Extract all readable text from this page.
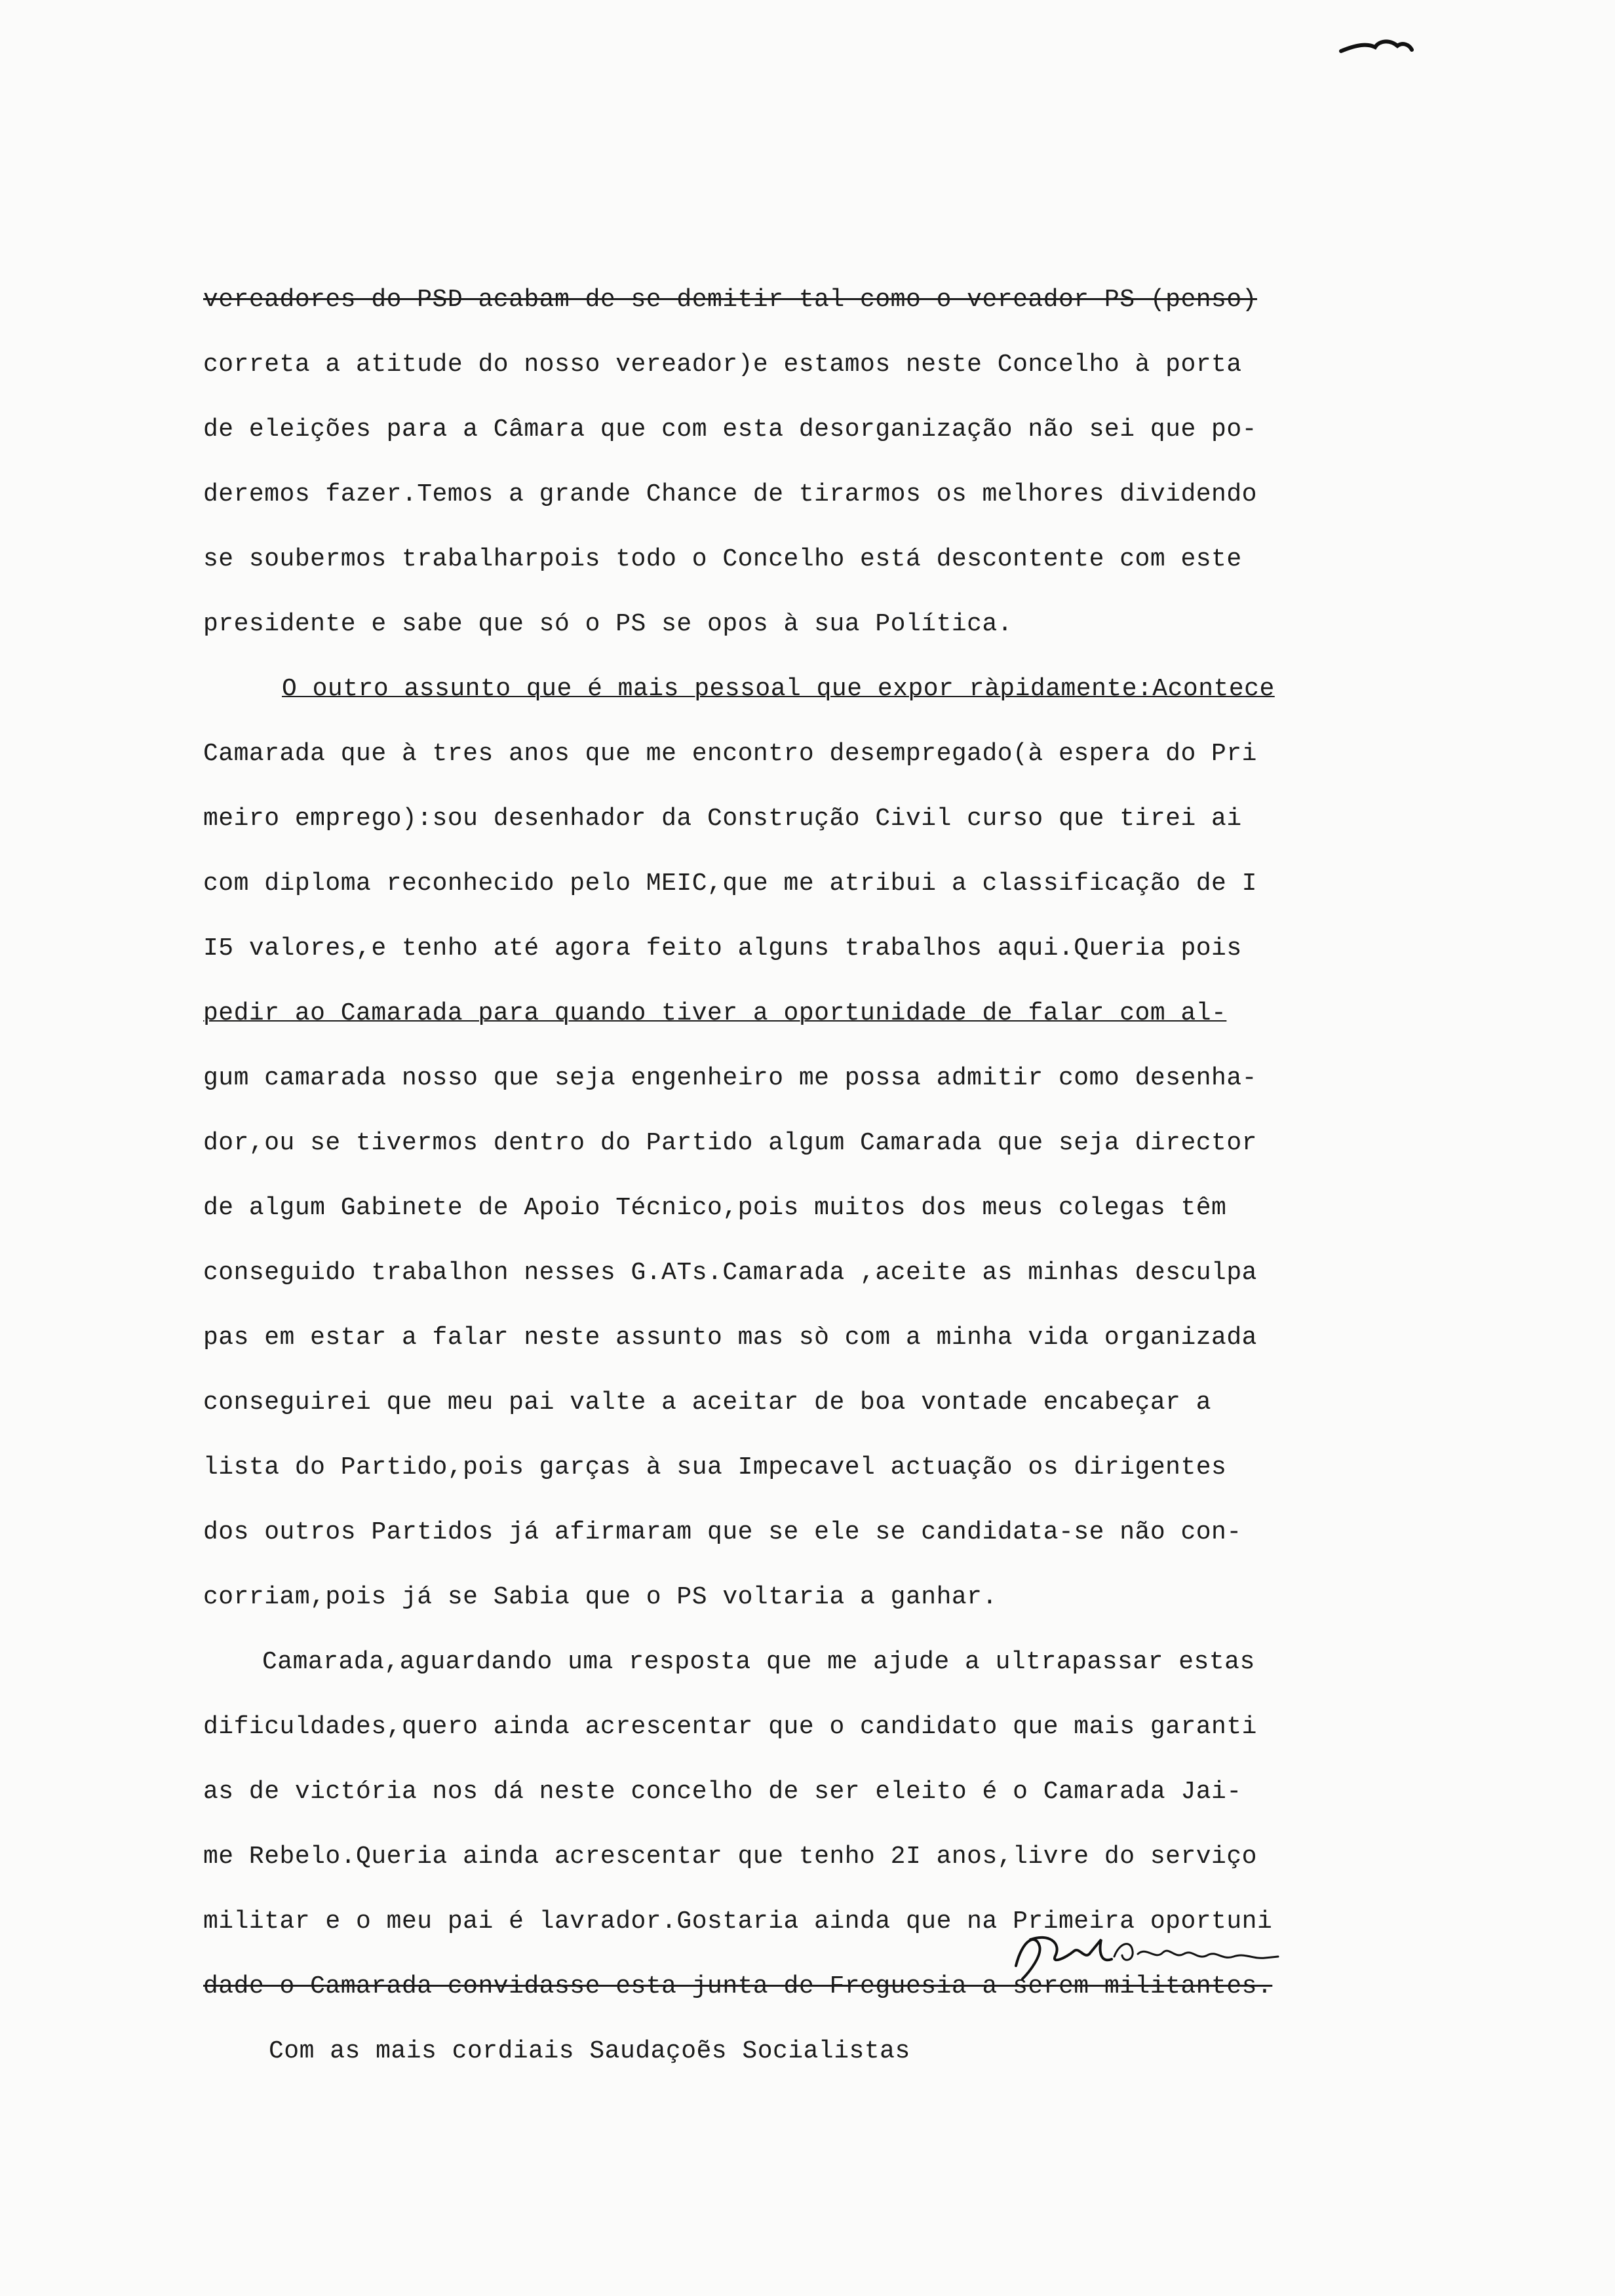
vereadores do PSD acabam de se demitir tal como o vereador PS (penso)
correta a atitude do nosso vereador)e estamos neste Concelho à porta
de eleições para a Câmara que com esta desorganização não sei que po-
deremos fazer.Temos a grande Chance de tirarmos os melhores dividendo
se soubermos trabalharpois todo o Concelho está descontente com este
presidente e sabe que só o PS se opos à sua Política.
O outro assunto que é mais pessoal que expor ràpidamente:Acontece
Camarada que à tres anos que me encontro desempregado(à espera do Pri
meiro emprego):sou desenhador da Construção Civil curso que tirei ai
com diploma reconhecido pelo MEIC,que me atribui a classificação de I
I5 valores,e tenho até agora feito alguns trabalhos aqui.Queria pois
pedir ao Camarada para quando tiver a oportunidade de falar com al-
gum camarada nosso que seja engenheiro me possa admitir como desenha-
dor,ou se tivermos dentro do Partido algum Camarada que seja director
de algum Gabinete de Apoio Técnico,pois muitos dos meus colegas têm
conseguido trabalhon nesses G.ATs.Camarada ,aceite as minhas desculpa
pas em estar a falar neste assunto mas sò com a minha vida organizada
conseguirei que meu pai valte a aceitar de boa vontade encabeçar a
lista do Partido,pois garças à sua Impecavel actuação os dirigentes
dos outros Partidos já afirmaram que se ele se candidata-se não con-
corriam,pois já se Sabia que o PS voltaria a ganhar.
Camarada,aguardando uma resposta que me ajude a ultrapassar estas
dificuldades,quero ainda acrescentar que o candidato que mais garanti
as de victória nos dá neste concelho de ser eleito é o Camarada Jai-
me Rebelo.Queria ainda acrescentar que tenho 2I anos,livre do serviço
militar e o meu pai é lavrador.Gostaria ainda que na Primeira oportuni
dade o Camarada convidasse esta junta de Freguesia a serem militantes.
Com as mais cordiais Saudaçoẽs Socialistas
